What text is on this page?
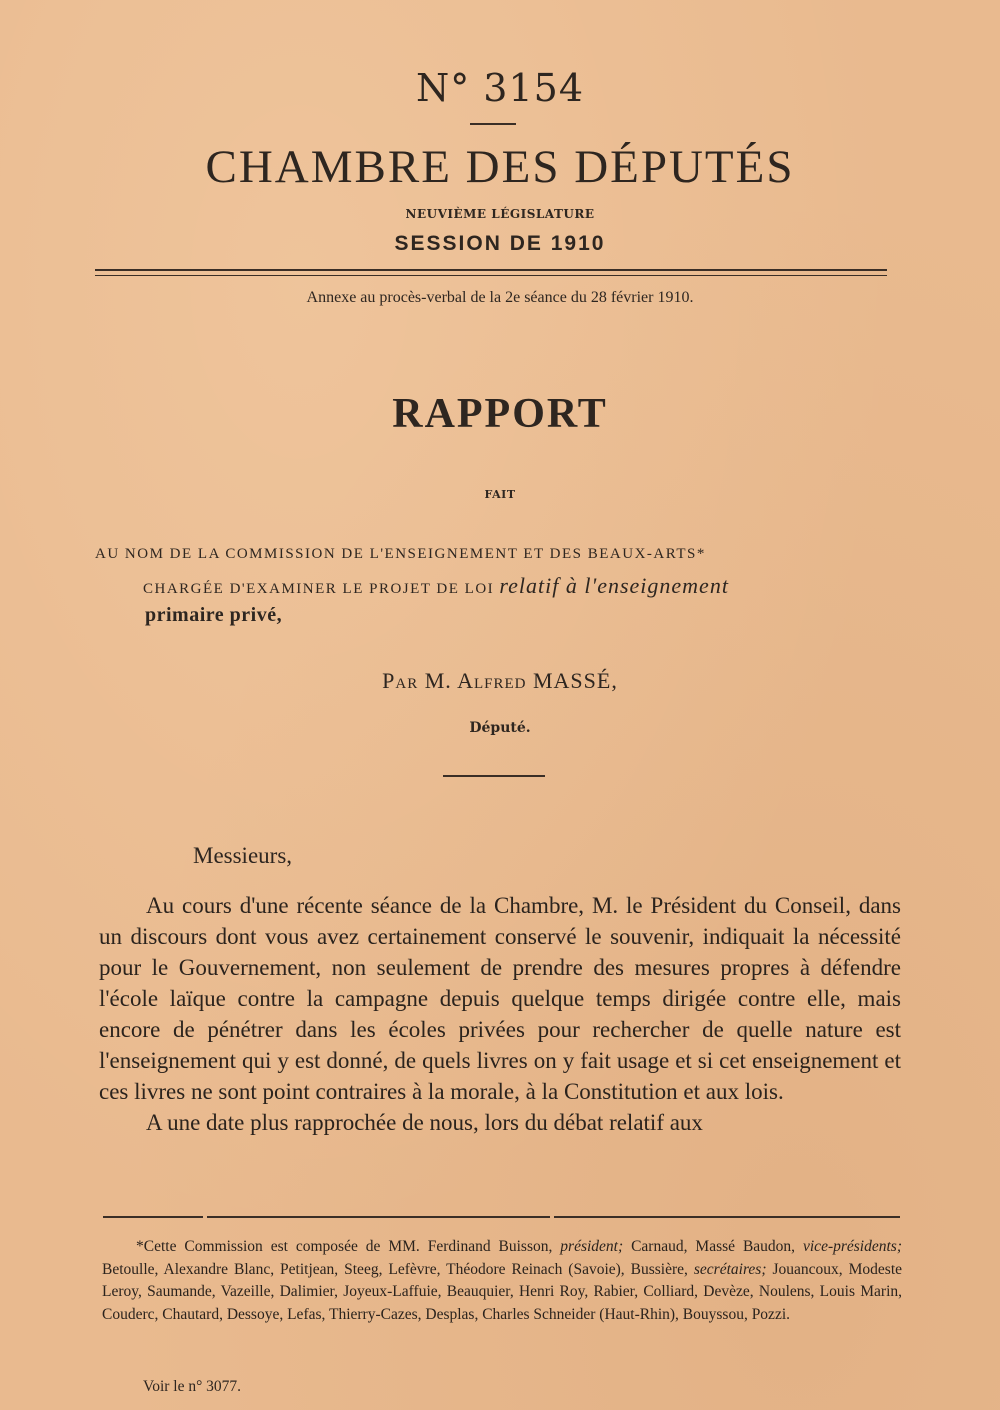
N° 3154
CHAMBRE DES DÉPUTÉS
NEUVIÈME LÉGISLATURE
SESSION DE 1910
Annexe au procès-verbal de la 2e séance du 28 février 1910.
RAPPORT
FAIT
AU NOM DE LA COMMISSION DE L'ENSEIGNEMENT ET DES BEAUX-ARTS*
CHARGÉE D'EXAMINER LE PROJET DE LOI relatif à l'enseignement
primaire privé,
Par M. Alfred MASSÉ,
Député.
Messieurs,

Au cours d'une récente séance de la Chambre, M. le Président du Conseil, dans un discours dont vous avez certainement conservé le souvenir, indiquait la nécessité pour le Gouvernement, non seulement de prendre des mesures propres à défendre l'école laïque contre la campagne depuis quelque temps dirigée contre elle, mais encore de pénétrer dans les écoles privées pour rechercher de quelle nature est l'enseignement qui y est donné, de quels livres on y fait usage et si cet enseignement et ces livres ne sont point contraires à la morale, à la Constitution et aux lois.

A une date plus rapprochée de nous, lors du débat relatif aux

*Cette Commission est composée de MM. Ferdinand Buisson, président; Carnaud, Massé Baudon, vice-présidents; Betoulle, Alexandre Blanc, Petitjean, Steeg, Lefèvre, Théodore Reinach (Savoie), Bussière, secrétaires; Jouancoux, Modeste Leroy, Saumande, Vazeille, Dalimier, Joyeux-Laffuie, Beauquier, Henri Roy, Rabier, Colliard, Devèze, Noulens, Louis Marin, Couderc, Chautard, Dessoye, Lefas, Thierry-Cazes, Desplas, Charles Schneider (Haut-Rhin), Bouyssou, Pozzi.

Voir le n° 3077.
